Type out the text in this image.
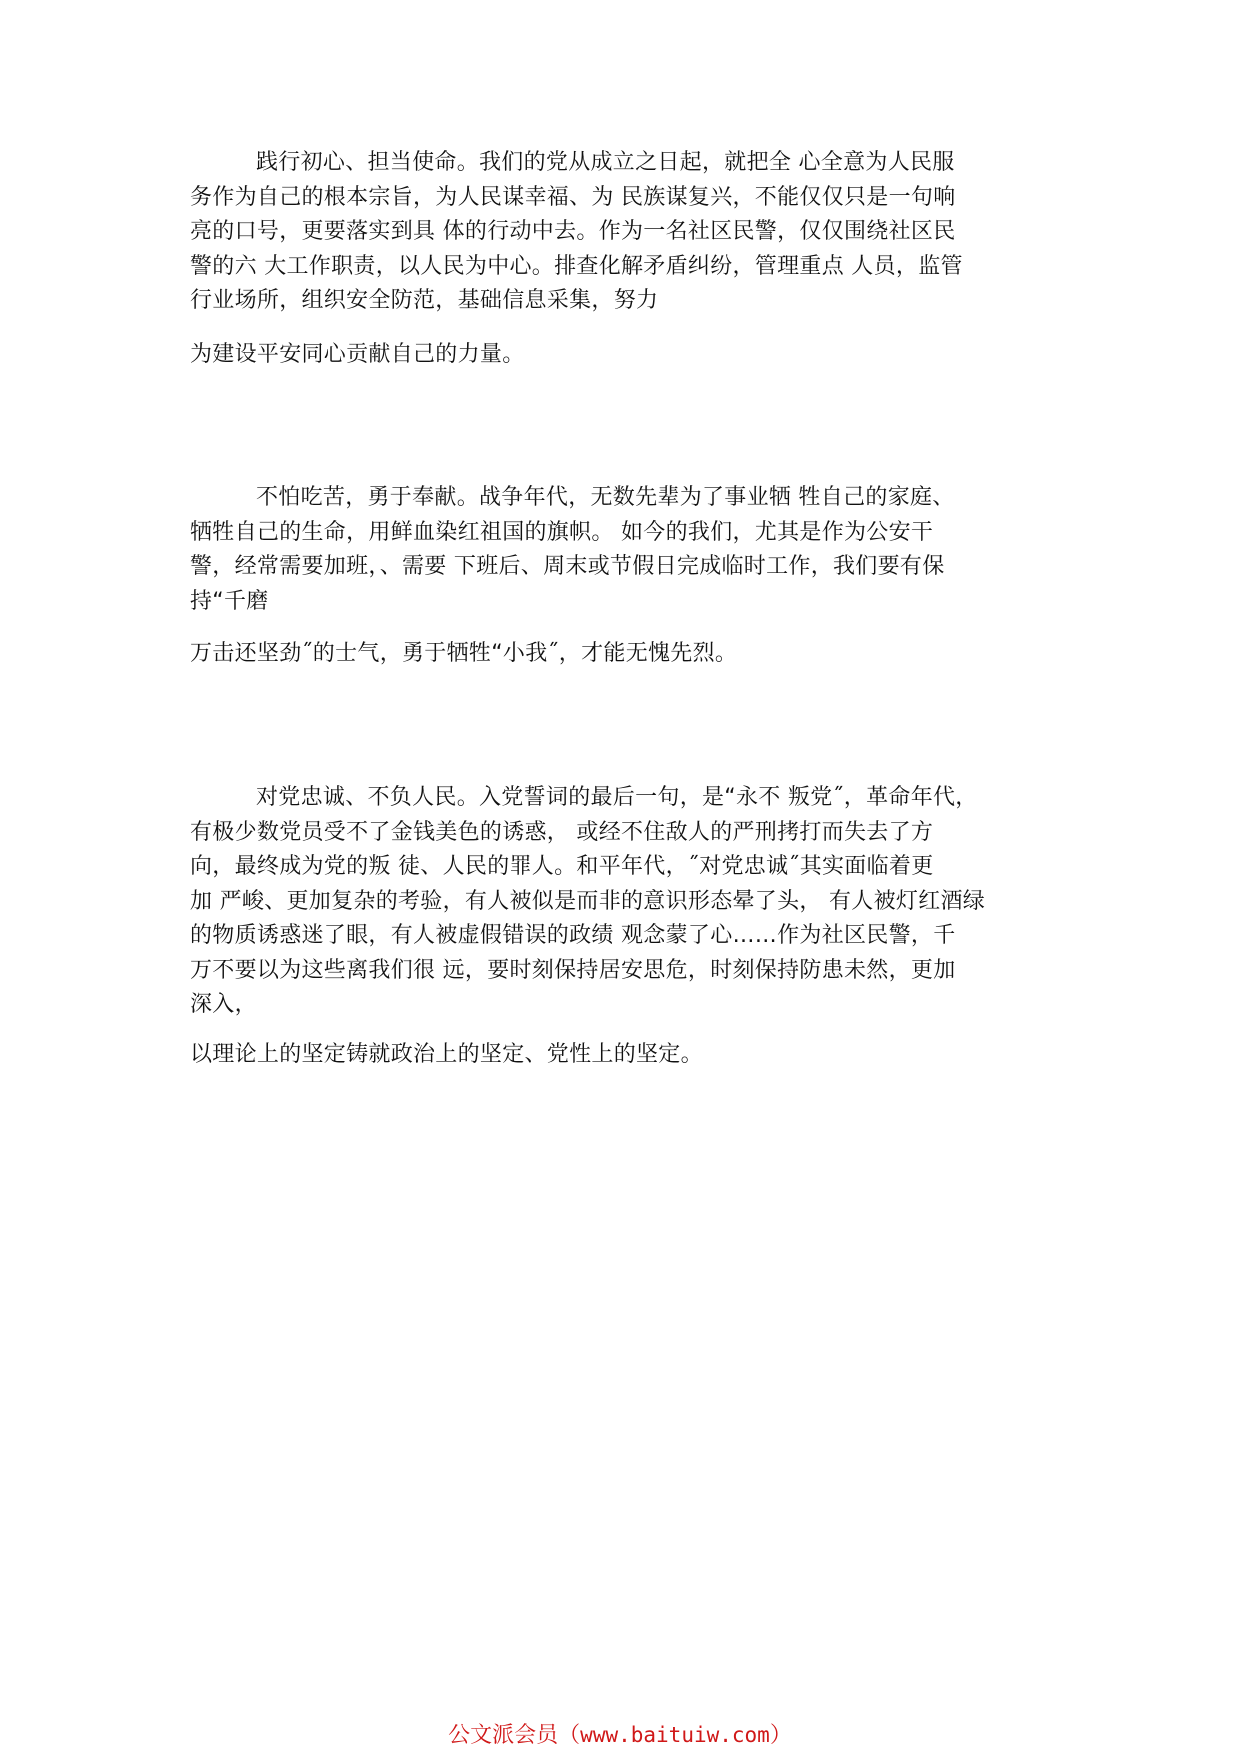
践行初心、担当使命。我们的党从成立之日起，就把全 心全意为人民服
务作为自己的根本宗旨，为人民谋幸福、为 民族谋复兴，不能仅仅只是一句响
亮的口号，更要落实到具 体的行动中去。作为一名社区民警，仅仅围绕社区民
警的六 大工作职责，以人民为中心。排查化解矛盾纠纷，管理重点 人员，监管
行业场所，组织安全防范，基础信息采集，努力
为建设平安同心贡献自己的力量。
不怕吃苦，勇于奉献。战争年代，无数先辈为了事业牺 牲自己的家庭、
牺牲自己的生命，用鲜血染红祖国的旗帜。 如今的我们，尤其是作为公安干
警，经常需要加班，、需要 下班后、周末或节假日完成临时工作，我们要有保
持“千磨
万击还坚劲˝的士气，勇于牺牲“小我˝，才能无愧先烈。
对党忠诚、不负人民。入党誓词的最后一句，是“永不 叛党˝，革命年代，
有极少数党员受不了金钱美色的诱惑， 或经不住敌人的严刑拷打而失去了方
向，最终成为党的叛 徒、人民的罪人。和平年代，˝对党忠诚˝其实面临着更
加 严峻、更加复杂的考验，有人被似是而非的意识形态晕了头， 有人被灯红酒绿
的物质诱惑迷了眼，有人被虚假错误的政绩 观念蒙了心……作为社区民警，千
万不要以为这些离我们很 远，要时刻保持居安思危，时刻保持防患未然，更加
深入，
以理论上的坚定铸就政治上的坚定、党性上的坚定。
公文派会员（www.baituiw.com）
